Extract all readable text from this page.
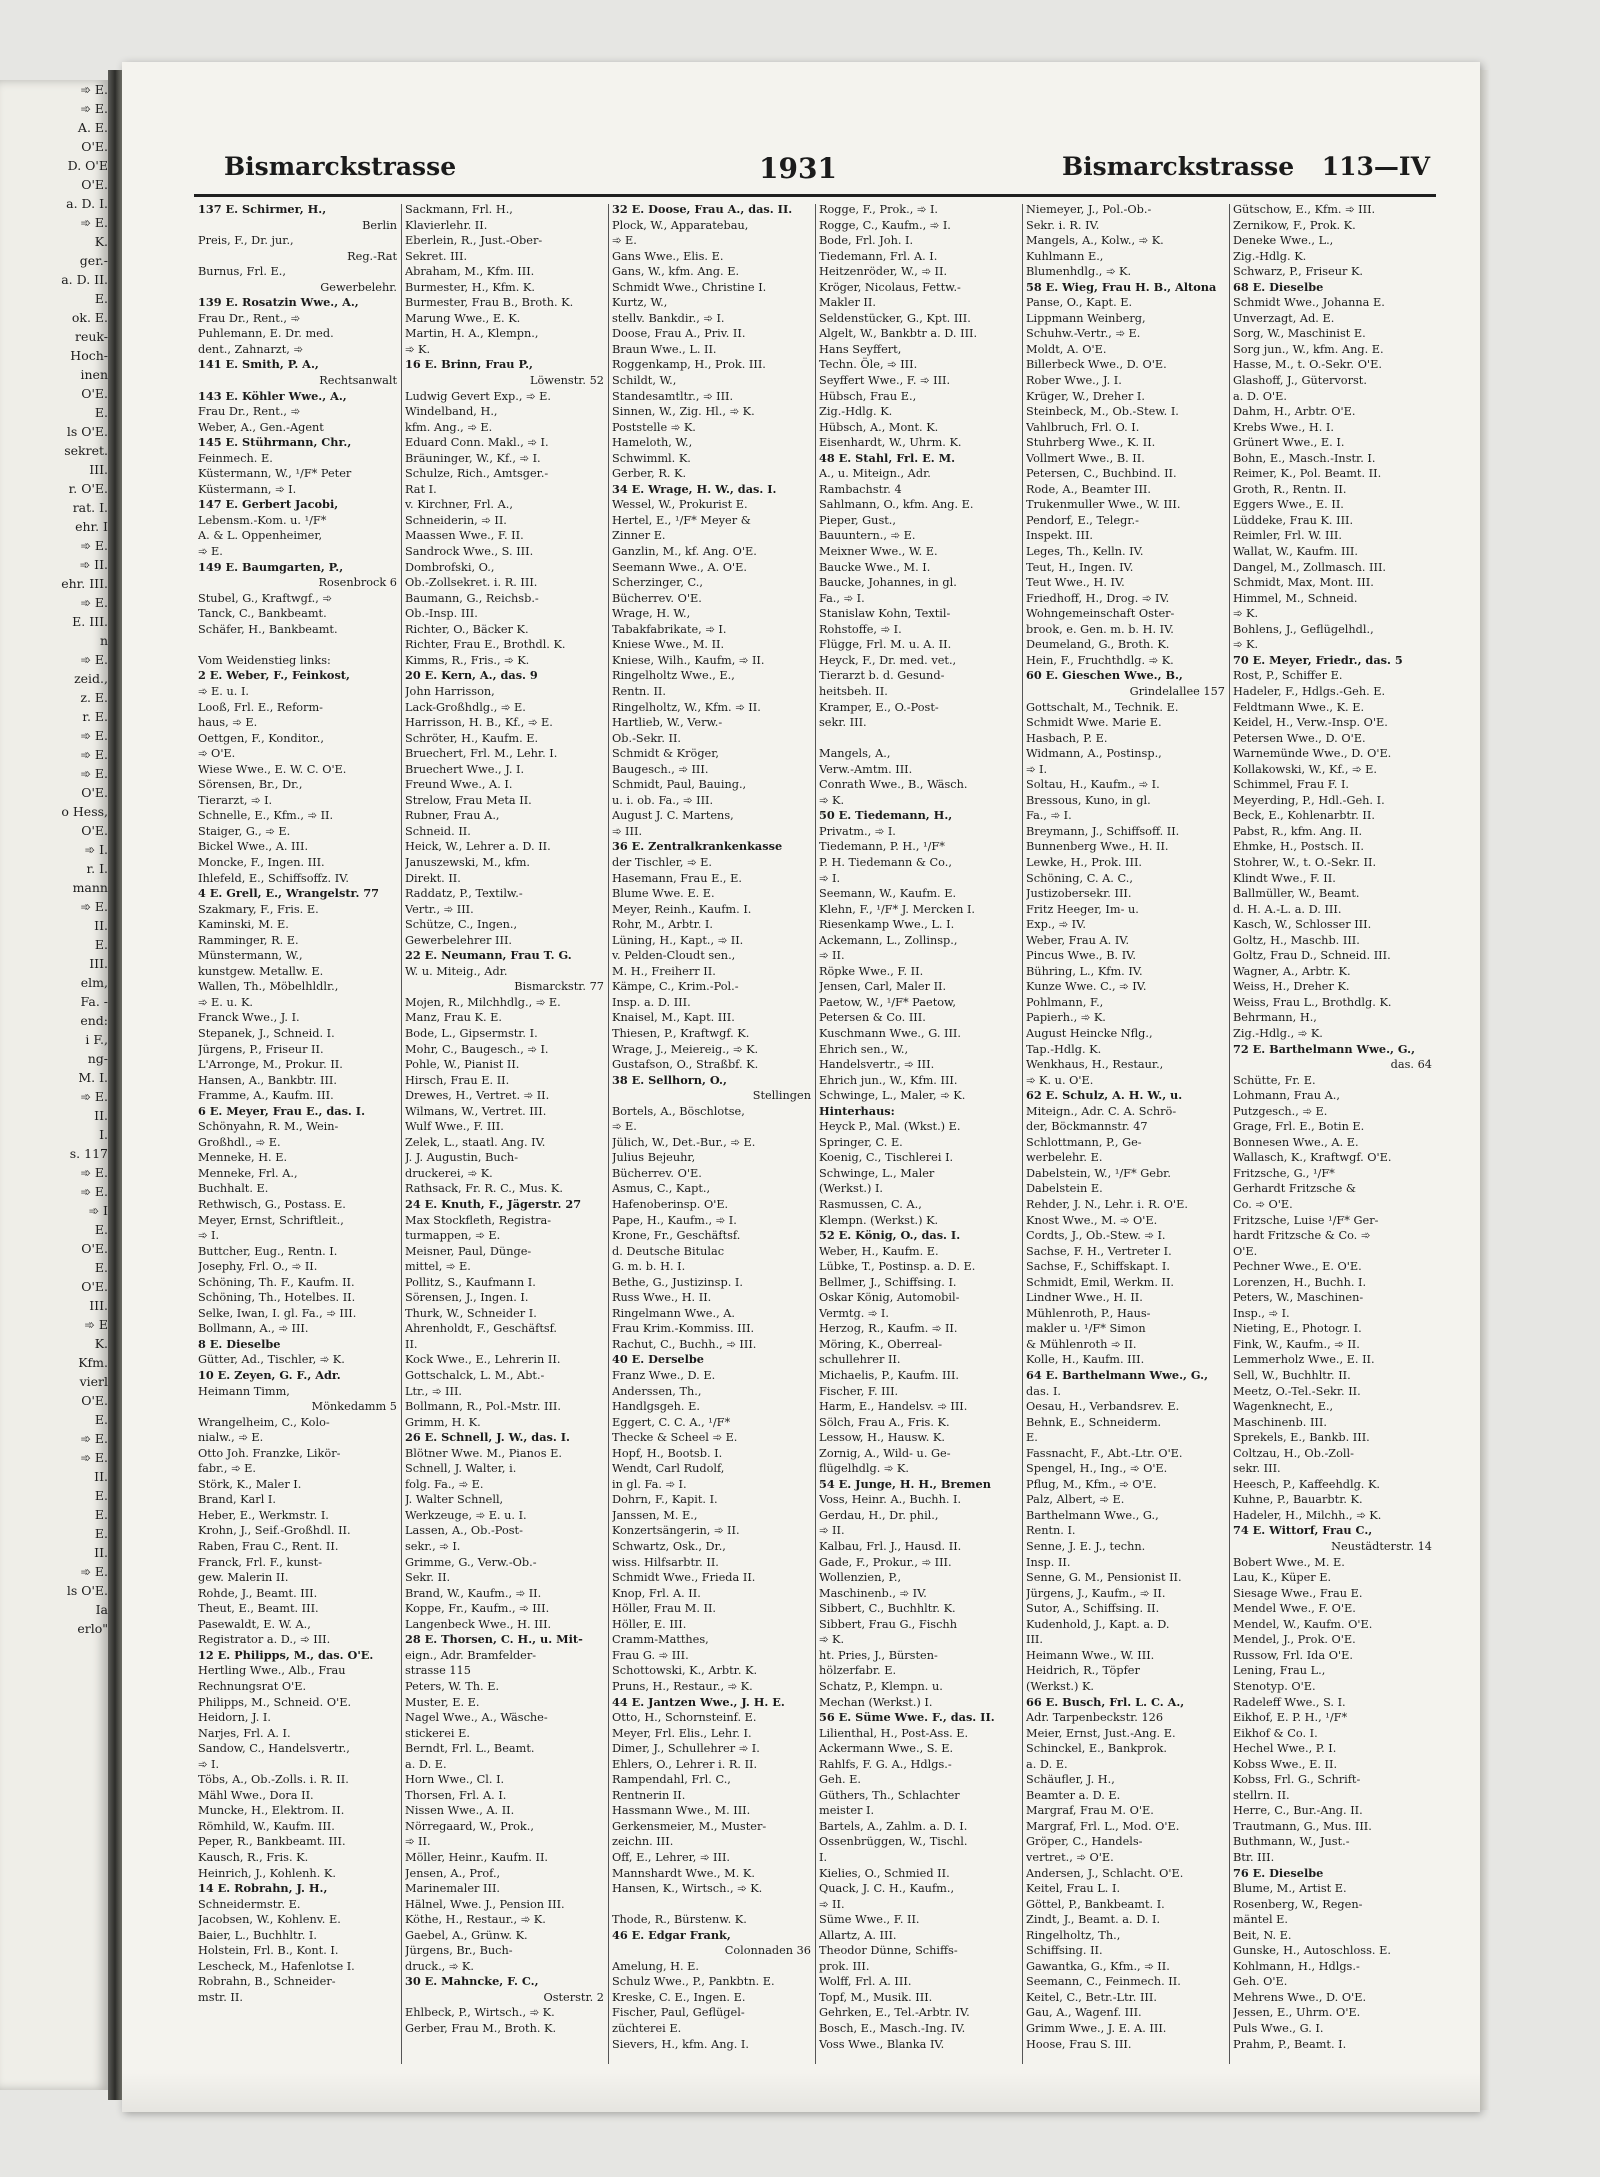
➾ E.
➾ E.
A. E.
O'E.
D. O'E
O'E.
a. D. I.
➾ E.
K.
ger.-
a. D. II.
E.
ok. E.
reuk-
Hoch-
inen
O'E.
E.
ls O'E.
sekret.
III.
r. O'E.
rat. I.
ehr. I
➾ E.
➾ II.
ehr. III.
➾ E.
E. III.
n
➾ E.
zeid.,
z. E.
r. E.
➾ E.
➾ E.
➾ E.
O'E.
o Hess,
O'E.
➾ I.
r. I.
mann
➾ E.
II.
E.
III.
elm,
Fa. -
end:
i F.,
ng-
M. I.
➾ E.
II.
I.
s. 117
➾ E.
➾ E.
➾ I
E.
O'E.
E.
O'E.
III.
➾ E
K.
Kfm.
vierl
O'E.
E.
➾ E.
➾ E.
II.
E.
E.
E.
II.
➾ E.
ls O'E.
Ia
erlo"
Bismarckstrasse	1931	Bismarckstrasse 113—IV
137 E. Schirmer, H.,
Berlin
Preis, F., Dr. jur.,
Reg.-Rat
Burnus, Frl. E.,
Gewerbelehr.
139 E. Rosatzin Wwe., A.,
Frau Dr., Rent., ➾
Puhlemann, E. Dr. med.
dent., Zahnarzt, ➾
141 E. Smith, P. A.,
Rechtsanwalt
143 E. Köhler Wwe., A.,
Frau Dr., Rent., ➾
Weber, A., Gen.-Agent
145 E. Stührmann, Chr.,
Feinmech. E.
Küstermann, W., ¹/F* Peter
Küstermann, ➾ I.
147 E. Gerbert Jacobi,
Lebensm.-Kom. u. ¹/F*
A. & L. Oppenheimer,
➾ E.
149 E. Baumgarten, P.,
Rosenbrock 6
Stubel, G., Kraftwgf., ➾
Tanck, C., Bankbeamt.
Schäfer, H., Bankbeamt.

Vom Weidenstieg links:
2 E. Weber, F., Feinkost,
➾ E. u. I.
Looß, Frl. E., Reform-
haus, ➾ E.
Oettgen, F., Konditor.,
➾ O'E.
Wiese Wwe., E. W. C. O'E.
Sörensen, Br., Dr.,
Tierarzt, ➾ I.
Schnelle, E., Kfm., ➾ II.
Staiger, G., ➾ E.
Bickel Wwe., A. III.
Moncke, F., Ingen. III.
Ihlefeld, E., Schiffsoffz. IV.
4 E. Grell, E., Wrangelstr. 77
Szakmary, F., Fris. E.
Kaminski, M. E.
Ramminger, R. E.
Münstermann, W.,
kunstgew. Metallw. E.
Wallen, Th., Möbelhldlr.,
➾ E. u. K.
Franck Wwe., J. I.
Stepanek, J., Schneid. I.
Jürgens, P., Friseur II.
L'Arronge, M., Prokur. II.
Hansen, A., Bankbtr. III.
Framme, A., Kaufm. III.
6 E. Meyer, Frau E., das. I.
Schönyahn, R. M., Wein-
Großhdl., ➾ E.
Menneke, H. E.
Menneke, Frl. A.,
Buchhalt. E.
Rethwisch, G., Postass. E.
Meyer, Ernst, Schriftleit.,
➾ I.
Buttcher, Eug., Rentn. I.
Josephy, Frl. O., ➾ II.
Schöning, Th. F., Kaufm. II.
Schöning, Th., Hotelbes. II.
Selke, Iwan, I. gl. Fa., ➾ III.
Bollmann, A., ➾ III.
8 E. Dieselbe
Gütter, Ad., Tischler, ➾ K.
10 E. Zeyen, G. F., Adr.
Heimann Timm,
Mönkedamm 5
Wrangelheim, C., Kolo-
nialw., ➾ E.
Otto Joh. Franzke, Likör-
fabr., ➾ E.
Störk, K., Maler I.
Brand, Karl I.
Heber, E., Werkmstr. I.
Krohn, J., Seif.-Großhdl. II.
Raben, Frau C., Rent. II.
Franck, Frl. F., kunst-
gew. Malerin II.
Rohde, J., Beamt. III.
Theut, E., Beamt. III.
Pasewaldt, E. W. A.,
Registrator a. D., ➾ III.
12 E. Philipps, M., das. O'E.
Hertling Wwe., Alb., Frau
Rechnungsrat O'E.
Philipps, M., Schneid. O'E.
Heidorn, J. I.
Narjes, Frl. A. I.
Sandow, C., Handelsvertr.,
➾ I.
Töbs, A., Ob.-Zolls. i. R. II.
Mähl Wwe., Dora II.
Muncke, H., Elektrom. II.
Römhild, W., Kaufm. III.
Peper, R., Bankbeamt. III.
Kausch, R., Fris. K.
Heinrich, J., Kohlenh. K.
14 E. Robrahn, J. H.,
Schneidermstr. E.
Jacobsen, W., Kohlenv. E.
Baier, L., Buchhltr. I.
Holstein, Frl. B., Kont. I.
Lescheck, M., Hafenlotse I.
Robrahn, B., Schneider-
mstr. II.
Sackmann, Frl. H.,
Klavierlehr. II.
Eberlein, R., Just.-Ober-
Sekret. III.
Abraham, M., Kfm. III.
Burmester, H., Kfm. K.
Burmester, Frau B., Broth. K.
Marung Wwe., E. K.
Martin, H. A., Klempn.,
➾ K.
16 E. Brinn, Frau P.,
Löwenstr. 52
Ludwig Gevert Exp., ➾ E.
Windelband, H.,
kfm. Ang., ➾ E.
Eduard Conn. Makl., ➾ I.
Bräuninger, W., Kf., ➾ I.
Schulze, Rich., Amtsger.-
Rat I.
v. Kirchner, Frl. A.,
Schneiderin, ➾ II.
Maassen Wwe., F. II.
Sandrock Wwe., S. III.
Dombrofski, O.,
Ob.-Zollsekret. i. R. III.
Baumann, G., Reichsb.-
Ob.-Insp. III.
Richter, O., Bäcker K.
Richter, Frau E., Brothdl. K.
Kimms, R., Fris., ➾ K.
20 E. Kern, A., das. 9
John Harrisson,
Lack-Großhdlg., ➾ E.
Harrisson, H. B., Kf., ➾ E.
Schröter, H., Kaufm. E.
Bruechert, Frl. M., Lehr. I.
Bruechert Wwe., J. I.
Freund Wwe., A. I.
Strelow, Frau Meta II.
Rubner, Frau A.,
Schneid. II.
Heick, W., Lehrer a. D. II.
Januszewski, M., kfm.
Direkt. II.
Raddatz, P., Textilw.-
Vertr., ➾ III.
Schütze, C., Ingen.,
Gewerbelehrer III.
22 E. Neumann, Frau T. G.
W. u. Miteig., Adr.
Bismarckstr. 77
Mojen, R., Milchhdlg., ➾ E.
Manz, Frau K. E.
Bode, L., Gipsermstr. I.
Mohr, C., Baugesch., ➾ I.
Pohle, W., Pianist II.
Hirsch, Frau E. II.
Drewes, H., Vertret. ➾ II.
Wilmans, W., Vertret. III.
Wulf Wwe., F. III.
Zelek, L., staatl. Ang. IV.
J. J. Augustin, Buch-
druckerei, ➾ K.
Rathsack, Fr. R. C., Mus. K.
24 E. Knuth, F., Jägerstr. 27
Max Stockfleth, Registra-
turmappen, ➾ E.
Meisner, Paul, Dünge-
mittel, ➾ E.
Pollitz, S., Kaufmann I.
Sörensen, J., Ingen. I.
Thurk, W., Schneider I.
Ahrenholdt, F., Geschäftsf.
II.
Kock Wwe., E., Lehrerin II.
Gottschalck, L. M., Abt.-
Ltr., ➾ III.
Bollmann, R., Pol.-Mstr. III.
Grimm, H. K.
26 E. Schnell, J. W., das. I.
Blötner Wwe. M., Pianos E.
Schnell, J. Walter, i.
folg. Fa., ➾ E.
J. Walter Schnell,
Werkzeuge, ➾ E. u. I.
Lassen, A., Ob.-Post-
sekr., ➾ I.
Grimme, G., Verw.-Ob.-
Sekr. II.
Brand, W., Kaufm., ➾ II.
Koppe, Fr., Kaufm., ➾ III.
Langenbeck Wwe., H. III.
28 E. Thorsen, C. H., u. Mit-
eign., Adr. Bramfelder-
strasse 115
Peters, W. Th. E.
Muster, E. E.
Nagel Wwe., A., Wäsche-
stickerei E.
Berndt, Frl. L., Beamt.
a. D. E.
Horn Wwe., Cl. I.
Thorsen, Frl. A. I.
Nissen Wwe., A. II.
Nörregaard, W., Prok.,
➾ II.
Möller, Heinr., Kaufm. II.
Jensen, A., Prof.,
Marinemaler III.
Hälnel, Wwe. J., Pension III.
Köthe, H., Restaur., ➾ K.
Gaebel, A., Grünw. K.
Jürgens, Br., Buch-
druck., ➾ K.
30 E. Mahncke, F. C.,
Osterstr. 2
Ehlbeck, P., Wirtsch., ➾ K.
Gerber, Frau M., Broth. K.
32 E. Doose, Frau A., das. II.
Plock, W., Apparatebau,
➾ E.
Gans Wwe., Elis. E.
Gans, W., kfm. Ang. E.
Schmidt Wwe., Christine I.
Kurtz, W.,
stellv. Bankdir., ➾ I.
Doose, Frau A., Priv. II.
Braun Wwe., L. II.
Roggenkamp, H., Prok. III.
Schildt, W.,
Standesamtltr., ➾ III.
Sinnen, W., Zig. Hl., ➾ K.
Poststelle ➾ K.
Hameloth, W.,
Schwimml. K.
Gerber, R. K.
34 E. Wrage, H. W., das. I.
Wessel, W., Prokurist E.
Hertel, E., ¹/F* Meyer &
Zinner E.
Ganzlin, M., kf. Ang. O'E.
Seemann Wwe., A. O'E.
Scherzinger, C.,
Bücherrev. O'E.
Wrage, H. W.,
Tabakfabrikate, ➾ I.
Kniese Wwe., M. II.
Kniese, Wilh., Kaufm, ➾ II.
Ringelholtz Wwe., E.,
Rentn. II.
Ringelholtz, W., Kfm. ➾ II.
Hartlieb, W., Verw.-
Ob.-Sekr. II.
Schmidt & Kröger,
Baugesch., ➾ III.
Schmidt, Paul, Bauing.,
u. i. ob. Fa., ➾ III.
August J. C. Martens,
➾ III.
36 E. Zentralkrankenkasse
der Tischler, ➾ E.
Hasemann, Frau E., E.
Blume Wwe. E. E.
Meyer, Reinh., Kaufm. I.
Rohr, M., Arbtr. I.
Lüning, H., Kapt., ➾ II.
v. Pelden-Cloudt sen.,
M. H., Freiherr II.
Kämpe, C., Krim.-Pol.-
Insp. a. D. III.
Knaisel, M., Kapt. III.
Thiesen, P., Kraftwgf. K.
Wrage, J., Meiereig., ➾ K.
Gustafson, O., Straßbf. K.
38 E. Sellhorn, O.,
Stellingen
Bortels, A., Böschlotse,
➾ E.
Jülich, W., Det.-Bur., ➾ E.
Julius Bejeuhr,
Bücherrev. O'E.
Asmus, C., Kapt.,
Hafenoberinsp. O'E.
Pape, H., Kaufm., ➾ I.
Krone, Fr., Geschäftsf.
d. Deutsche Bitulac
G. m. b. H. I.
Bethe, G., Justizinsp. I.
Russ Wwe., H. II.
Ringelmann Wwe., A.
Frau Krim.-Kommiss. III.
Rachut, C., Buchh., ➾ III.
40 E. Derselbe
Franz Wwe., D. E.
Anderssen, Th.,
Handlgsgeh. E.
Eggert, C. C. A., ¹/F*
Thecke & Scheel ➾ E.
Hopf, H., Bootsb. I.
Wendt, Carl Rudolf,
in gl. Fa. ➾ I.
Dohrn, F., Kapit. I.
Janssen, M. E.,
Konzertsängerin, ➾ II.
Schwartz, Osk., Dr.,
wiss. Hilfsarbtr. II.
Schmidt Wwe., Frieda II.
Knop, Frl. A. II.
Höller, Frau M. II.
Höller, E. III.
Cramm-Matthes,
Frau G. ➾ III.
Schottowski, K., Arbtr. K.
Pruns, H., Restaur., ➾ K.
44 E. Jantzen Wwe., J. H. E.
Otto, H., Schornsteinf. E.
Meyer, Frl. Elis., Lehr. I.
Dimer, J., Schullehrer ➾ I.
Ehlers, O., Lehrer i. R. II.
Rampendahl, Frl. C.,
Rentnerin II.
Hassmann Wwe., M. III.
Gerkensmeier, M., Muster-
zeichn. III.
Off, E., Lehrer, ➾ III.
Mannshardt Wwe., M. K.
Hansen, K., Wirtsch., ➾ K.

Thode, R., Bürstenw. K.
46 E. Edgar Frank,
Colonnaden 36
Amelung, H. E.
Schulz Wwe., P., Pankbtn. E.
Kreske, C. E., Ingen. E.
Fischer, Paul, Geflügel-
züchterei E.
Sievers, H., kfm. Ang. I.
Rogge, F., Prok., ➾ I.
Rogge, C., Kaufm., ➾ I.
Bode, Frl. Joh. I.
Tiedemann, Frl. A. I.
Heitzenröder, W., ➾ II.
Kröger, Nicolaus, Fettw.-
Makler II.
Seldenstücker, G., Kpt. III.
Algelt, W., Bankbtr a. D. III.
Hans Seyffert,
Techn. Öle, ➾ III.
Seyffert Wwe., F. ➾ III.
Hübsch, Frau E.,
Zig.-Hdlg. K.
Hübsch, A., Mont. K.
Eisenhardt, W., Uhrm. K.
48 E. Stahl, Frl. E. M.
A., u. Miteign., Adr.
Rambachstr. 4
Sahlmann, O., kfm. Ang. E.
Pieper, Gust.,
Bauuntern., ➾ E.
Meixner Wwe., W. E.
Baucke Wwe., M. I.
Baucke, Johannes, in gl.
Fa., ➾ I.
Stanislaw Kohn, Textil-
Rohstoffe, ➾ I.
Flügge, Frl. M. u. A. II.
Heyck, F., Dr. med. vet.,
Tierarzt b. d. Gesund-
heitsbeh. II.
Kramper, E., O.-Post-
sekr. III.

Mangels, A.,
Verw.-Amtm. III.
Conrath Wwe., B., Wäsch.
➾ K.
50 E. Tiedemann, H.,
Privatm., ➾ I.
Tiedemann, P. H., ¹/F*
P. H. Tiedemann & Co.,
➾ I.
Seemann, W., Kaufm. E.
Klehn, F., ¹/F* J. Mercken I.
Riesenkamp Wwe., L. I.
Ackemann, L., Zollinsp.,
➾ II.
Röpke Wwe., F. II.
Jensen, Carl, Maler II.
Paetow, W., ¹/F* Paetow,
Petersen & Co. III.
Kuschmann Wwe., G. III.
Ehrich sen., W.,
Handelsvertr., ➾ III.
Ehrich jun., W., Kfm. III.
Schwinge, L., Maler, ➾ K.
Hinterhaus:
Heyck P., Mal. (Wkst.) E.
Springer, C. E.
Koenig, C., Tischlerei I.
Schwinge, L., Maler
(Werkst.) I.
Rasmussen, C. A.,
Klempn. (Werkst.) K.
52 E. König, O., das. I.
Weber, H., Kaufm. E.
Lübke, T., Postinsp. a. D. E.
Bellmer, J., Schiffsing. I.
Oskar König, Automobil-
Vermtg. ➾ I.
Herzog, R., Kaufm. ➾ II.
Möring, K., Oberreal-
schullehrer II.
Michaelis, P., Kaufm. III.
Fischer, F. III.
Harm, E., Handelsv. ➾ III.
Sölch, Frau A., Fris. K.
Lessow, H., Hausw. K.
Zornig, A., Wild- u. Ge-
flügelhdlg. ➾ K.
54 E. Junge, H. H., Bremen
Voss, Heinr. A., Buchh. I.
Gerdau, H., Dr. phil.,
➾ II.
Kalbau, Frl. J., Hausd. II.
Gade, F., Prokur., ➾ III.
Wollenzien, P.,
Maschinenb., ➾ IV.
Sibbert, C., Buchhltr. K.
Sibbert, Frau G., Fischh
➾ K.
ht. Pries, J., Bürsten-
hölzerfabr. E.
Schatz, P., Klempn. u.
Mechan (Werkst.) I.
56 E. Süme Wwe. F., das. II.
Lilienthal, H., Post-Ass. E.
Ackermann Wwe., S. E.
Rahlfs, F. G. A., Hdlgs.-
Geh. E.
Güthers, Th., Schlachter
meister I.
Bartels, A., Zahlm. a. D. I.
Ossenbrüggen, W., Tischl.
I.
Kielies, O., Schmied II.
Quack, J. C. H., Kaufm.,
➾ II.
Süme Wwe., F. II.
Allartz, A. III.
Theodor Dünne, Schiffs-
prok. III.
Wolff, Frl. A. III.
Topf, M., Musik. III.
Gehrken, E., Tel.-Arbtr. IV.
Bosch, E., Masch.-Ing. IV.
Voss Wwe., Blanka IV.
Niemeyer, J., Pol.-Ob.-
Sekr. i. R. IV.
Mangels, A., Kolw., ➾ K.
Kuhlmann E.,
Blumenhdlg., ➾ K.
58 E. Wieg, Frau H. B., Altona
Panse, O., Kapt. E.
Lippmann Weinberg,
Schuhw.-Vertr., ➾ E.
Moldt, A. O'E.
Billerbeck Wwe., D. O'E.
Rober Wwe., J. I.
Krüger, W., Dreher I.
Steinbeck, M., Ob.-Stew. I.
Vahlbruch, Frl. O. I.
Stuhrberg Wwe., K. II.
Vollmert Wwe., B. II.
Petersen, C., Buchbind. II.
Rode, A., Beamter III.
Trukenmuller Wwe., W. III.
Pendorf, E., Telegr.-
Inspekt. III.
Leges, Th., Kelln. IV.
Teut, H., Ingen. IV.
Teut Wwe., H. IV.
Friedhoff, H., Drog. ➾ IV.
Wohngemeinschaft Oster-
brook, e. Gen. m. b. H. IV.
Deumeland, G., Broth. K.
Hein, F., Fruchthdlg. ➾ K.
60 E. Gieschen Wwe., B.,
Grindelallee 157
Gottschalt, M., Technik. E.
Schmidt Wwe. Marie E.
Hasbach, P. E.
Widmann, A., Postinsp.,
➾ I.
Soltau, H., Kaufm., ➾ I.
Bressous, Kuno, in gl.
Fa., ➾ I.
Breymann, J., Schiffsoff. II.
Bunnenberg Wwe., H. II.
Lewke, H., Prok. III.
Schöning, C. A. C.,
Justizobersekr. III.
Fritz Heeger, Im- u.
Exp., ➾ IV.
Weber, Frau A. IV.
Pincus Wwe., B. IV.
Bühring, L., Kfm. IV.
Kunze Wwe. C., ➾ IV.
Pohlmann, F.,
Papierh., ➾ K.
August Heincke Nflg.,
Tap.-Hdlg. K.
Wenkhaus, H., Restaur.,
➾ K. u. O'E.
62 E. Schulz, A. H. W., u.
Miteign., Adr. C. A. Schrö-
der, Böckmannstr. 47
Schlottmann, P., Ge-
werbelehr. E.
Dabelstein, W., ¹/F* Gebr.
Dabelstein E.
Rehder, J. N., Lehr. i. R. O'E.
Knost Wwe., M. ➾ O'E.
Cordts, J., Ob.-Stew. ➾ I.
Sachse, F. H., Vertreter I.
Sachse, F., Schiffskapt. I.
Schmidt, Emil, Werkm. II.
Lindner Wwe., H. II.
Mühlenroth, P., Haus-
makler u. ¹/F* Simon
& Mühlenroth ➾ II.
Kolle, H., Kaufm. III.
64 E. Barthelmann Wwe., G.,
das. I.
Oesau, H., Verbandsrev. E.
Behnk, E., Schneiderm.
E.
Fassnacht, F., Abt.-Ltr. O'E.
Spengel, H., Ing., ➾ O'E.
Pflug, M., Kfm., ➾ O'E.
Palz, Albert, ➾ E.
Barthelmann Wwe., G.,
Rentn. I.
Senne, J. E. J., techn.
Insp. II.
Senne, G. M., Pensionist II.
Jürgens, J., Kaufm., ➾ II.
Sutor, A., Schiffsing. II.
Kudenhold, J., Kapt. a. D.
III.
Heimann Wwe., W. III.
Heidrich, R., Töpfer
(Werkst.) K.
66 E. Busch, Frl. L. C. A.,
Adr. Tarpenbeckstr. 126
Meier, Ernst, Just.-Ang. E.
Schinckel, E., Bankprok.
a. D. E.
Schäufler, J. H.,
Beamter a. D. E.
Margraf, Frau M. O'E.
Margraf, Frl. L., Mod. O'E.
Gröper, C., Handels-
vertret., ➾ O'E.
Andersen, J., Schlacht. O'E.
Keitel, Frau L. I.
Göttel, P., Bankbeamt. I.
Zindt, J., Beamt. a. D. I.
Ringelholtz, Th.,
Schiffsing. II.
Gawantka, G., Kfm., ➾ II.
Seemann, C., Feinmech. II.
Keitel, C., Betr.-Ltr. III.
Gau, A., Wagenf. III.
Grimm Wwe., J. E. A. III.
Hoose, Frau S. III.
Gütschow, E., Kfm. ➾ III.
Zernikow, F., Prok. K.
Deneke Wwe., L.,
Zig.-Hdlg. K.
Schwarz, P., Friseur K.
68 E. Dieselbe
Schmidt Wwe., Johanna E.
Unverzagt, Ad. E.
Sorg, W., Maschinist E.
Sorg jun., W., kfm. Ang. E.
Hasse, M., t. O.-Sekr. O'E.
Glashoff, J., Gütervorst.
a. D. O'E.
Dahm, H., Arbtr. O'E.
Krebs Wwe., H. I.
Grünert Wwe., E. I.
Bohn, E., Masch.-Instr. I.
Reimer, K., Pol. Beamt. II.
Groth, R., Rentn. II.
Eggers Wwe., E. II.
Lüddeke, Frau K. III.
Reimler, Frl. W. III.
Wallat, W., Kaufm. III.
Dangel, M., Zollmasch. III.
Schmidt, Max, Mont. III.
Himmel, M., Schneid.
➾ K.
Bohlens, J., Geflügelhdl.,
➾ K.
70 E. Meyer, Friedr., das. 5
Rost, P., Schiffer E.
Hadeler, F., Hdlgs.-Geh. E.
Feldtmann Wwe., K. E.
Keidel, H., Verw.-Insp. O'E.
Petersen Wwe., D. O'E.
Warnemünde Wwe., D. O'E.
Kollakowski, W., Kf., ➾ E.
Schimmel, Frau F. I.
Meyerding, P., Hdl.-Geh. I.
Beck, E., Kohlenarbtr. II.
Pabst, R., kfm. Ang. II.
Ehmke, H., Postsch. II.
Stohrer, W., t. O.-Sekr. II.
Klindt Wwe., F. II.
Ballmüller, W., Beamt.
d. H. A.-L. a. D. III.
Kasch, W., Schlosser III.
Goltz, H., Maschb. III.
Goltz, Frau D., Schneid. III.
Wagner, A., Arbtr. K.
Weiss, H., Dreher K.
Weiss, Frau L., Brothdlg. K.
Behrmann, H.,
Zig.-Hdlg., ➾ K.
72 E. Barthelmann Wwe., G.,
das. 64
Schütte, Fr. E.
Lohmann, Frau A.,
Putzgesch., ➾ E.
Grage, Frl. E., Botin E.
Bonnesen Wwe., A. E.
Wallasch, K., Kraftwgf. O'E.
Fritzsche, G., ¹/F*
Gerhardt Fritzsche &
Co. ➾ O'E.
Fritzsche, Luise ¹/F* Ger-
hardt Fritzsche & Co. ➾
O'E.
Pechner Wwe., E. O'E.
Lorenzen, H., Buchh. I.
Peters, W., Maschinen-
Insp., ➾ I.
Nieting, E., Photogr. I.
Fink, W., Kaufm., ➾ II.
Lemmerholz Wwe., E. II.
Sell, W., Buchhltr. II.
Meetz, O.-Tel.-Sekr. II.
Wagenknecht, E.,
Maschinenb. III.
Sprekels, E., Bankb. III.
Coltzau, H., Ob.-Zoll-
sekr. III.
Heesch, P., Kaffeehdlg. K.
Kuhne, P., Bauarbtr. K.
Hadeler, H., Milchh., ➾ K.
74 E. Wittorf, Frau C.,
Neustädterstr. 14
Bobert Wwe., M. E.
Lau, K., Küper E.
Siesage Wwe., Frau E.
Mendel Wwe., F. O'E.
Mendel, W., Kaufm. O'E.
Mendel, J., Prok. O'E.
Russow, Frl. Ida O'E.
Lening, Frau L.,
Stenotyp. O'E.
Radeleff Wwe., S. I.
Eikhof, E. P. H., ¹/F*
Eikhof & Co. I.
Hechel Wwe., P. I.
Kobss Wwe., E. II.
Kobss, Frl. G., Schrift-
stellrn. II.
Herre, C., Bur.-Ang. II.
Trautmann, G., Mus. III.
Buthmann, W., Just.-
Btr. III.
76 E. Dieselbe
Blume, M., Artist E.
Rosenberg, W., Regen-
mäntel E.
Beit, N. E.
Gunske, H., Autoschloss. E.
Kohlmann, H., Hdlgs.-
Geh. O'E.
Mehrens Wwe., D. O'E.
Jessen, E., Uhrm. O'E.
Puls Wwe., G. I.
Prahm, P., Beamt. I.
